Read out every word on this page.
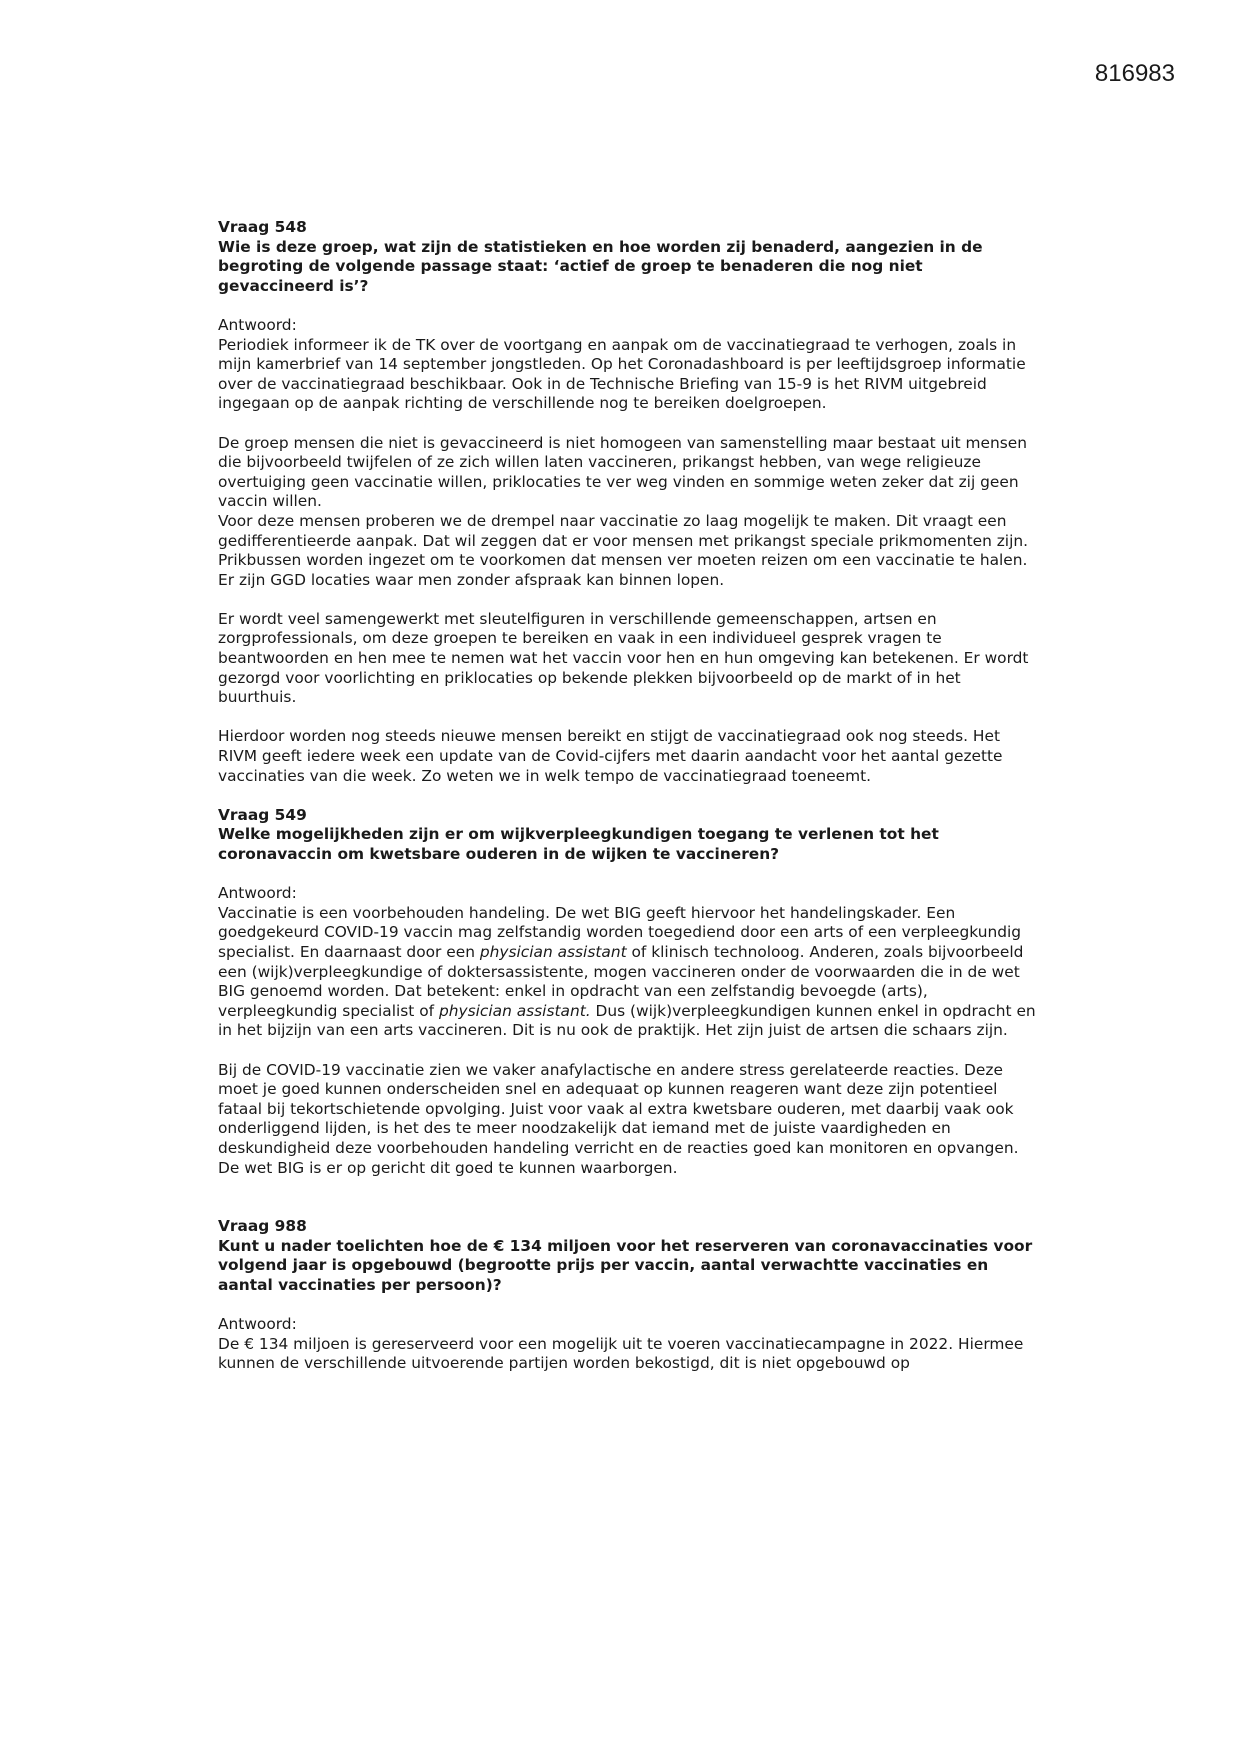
816983

Vraag 548

Wie is deze groep, wat zijn de statistieken en hoe worden zij benaderd, aangezien in de begroting de volgende passage staat: ‘actief de groep te benaderen die nog niet gevaccineerd is’?

Antwoord:

Periodiek informeer ik de TK over de voortgang en aanpak om de vaccinatiegraad te verhogen, zoals in mijn kamerbrief van 14 september jongstleden. Op het Coronadashboard is per leeftijdsgroep informatie over de vaccinatiegraad beschikbaar. Ook in de Technische Briefing van 15-9 is het RIVM uitgebreid ingegaan op de aanpak richting de verschillende nog te bereiken doelgroepen.

De groep mensen die niet is gevaccineerd is niet homogeen van samenstelling maar bestaat uit mensen die bijvoorbeeld twijfelen of ze zich willen laten vaccineren, prikangst hebben, van wege religieuze overtuiging geen vaccinatie willen, priklocaties te ver weg vinden en sommige weten zeker dat zij geen vaccin willen.

Voor deze mensen proberen we de drempel naar vaccinatie zo laag mogelijk te maken. Dit vraagt een gedifferentieerde aanpak. Dat wil zeggen dat er voor mensen met prikangst speciale prikmomenten zijn. Prikbussen worden ingezet om te voorkomen dat mensen ver moeten reizen om een vaccinatie te halen. Er zijn GGD locaties waar men zonder afspraak kan binnen lopen.

Er wordt veel samengewerkt met sleutelfiguren in verschillende gemeenschappen, artsen en zorgprofessionals, om deze groepen te bereiken en vaak in een individueel gesprek vragen te beantwoorden en hen mee te nemen wat het vaccin voor hen en hun omgeving kan betekenen. Er wordt gezorgd voor voorlichting en priklocaties op bekende plekken bijvoorbeeld op de markt of in het buurthuis.

Hierdoor worden nog steeds nieuwe mensen bereikt en stijgt de vaccinatiegraad ook nog steeds. Het RIVM geeft iedere week een update van de Covid-cijfers met daarin aandacht voor het aantal gezette vaccinaties van die week. Zo weten we in welk tempo de vaccinatiegraad toeneemt.

Vraag 549

Welke mogelijkheden zijn er om wijkverpleegkundigen toegang te verlenen tot het coronavaccin om kwetsbare ouderen in de wijken te vaccineren?

Antwoord:

Vaccinatie is een voorbehouden handeling. De wet BIG geeft hiervoor het handelingskader. Een goedgekeurd COVID-19 vaccin mag zelfstandig worden toegediend door een arts of een verpleegkundig specialist. En daarnaast door een physician assistant of klinisch technoloog. Anderen, zoals bijvoorbeeld een (wijk)verpleegkundige of doktersassistente, mogen vaccineren onder de voorwaarden die in de wet BIG genoemd worden. Dat betekent: enkel in opdracht van een zelfstandig bevoegde (arts), verpleegkundig specialist of physician assistant. Dus (wijk)verpleegkundigen kunnen enkel in opdracht en in het bijzijn van een arts vaccineren. Dit is nu ook de praktijk. Het zijn juist de artsen die schaars zijn.

Bij de COVID-19 vaccinatie zien we vaker anafylactische en andere stress gerelateerde reacties. Deze moet je goed kunnen onderscheiden snel en adequaat op kunnen reageren want deze zijn potentieel fataal bij tekortschietende opvolging. Juist voor vaak al extra kwetsbare ouderen, met daarbij vaak ook onderliggend lijden, is het des te meer noodzakelijk dat iemand met de juiste vaardigheden en deskundigheid deze voorbehouden handeling verricht en de reacties goed kan monitoren en opvangen. De wet BIG is er op gericht dit goed te kunnen waarborgen.

Vraag 988

Kunt u nader toelichten hoe de € 134 miljoen voor het reserveren van coronavaccinaties voor volgend jaar is opgebouwd (begrootte prijs per vaccin, aantal verwachtte vaccinaties en aantal vaccinaties per persoon)?

Antwoord:

De € 134 miljoen is gereserveerd voor een mogelijk uit te voeren vaccinatiecampagne in 2022. Hiermee kunnen de verschillende uitvoerende partijen worden bekostigd, dit is niet opgebouwd op
